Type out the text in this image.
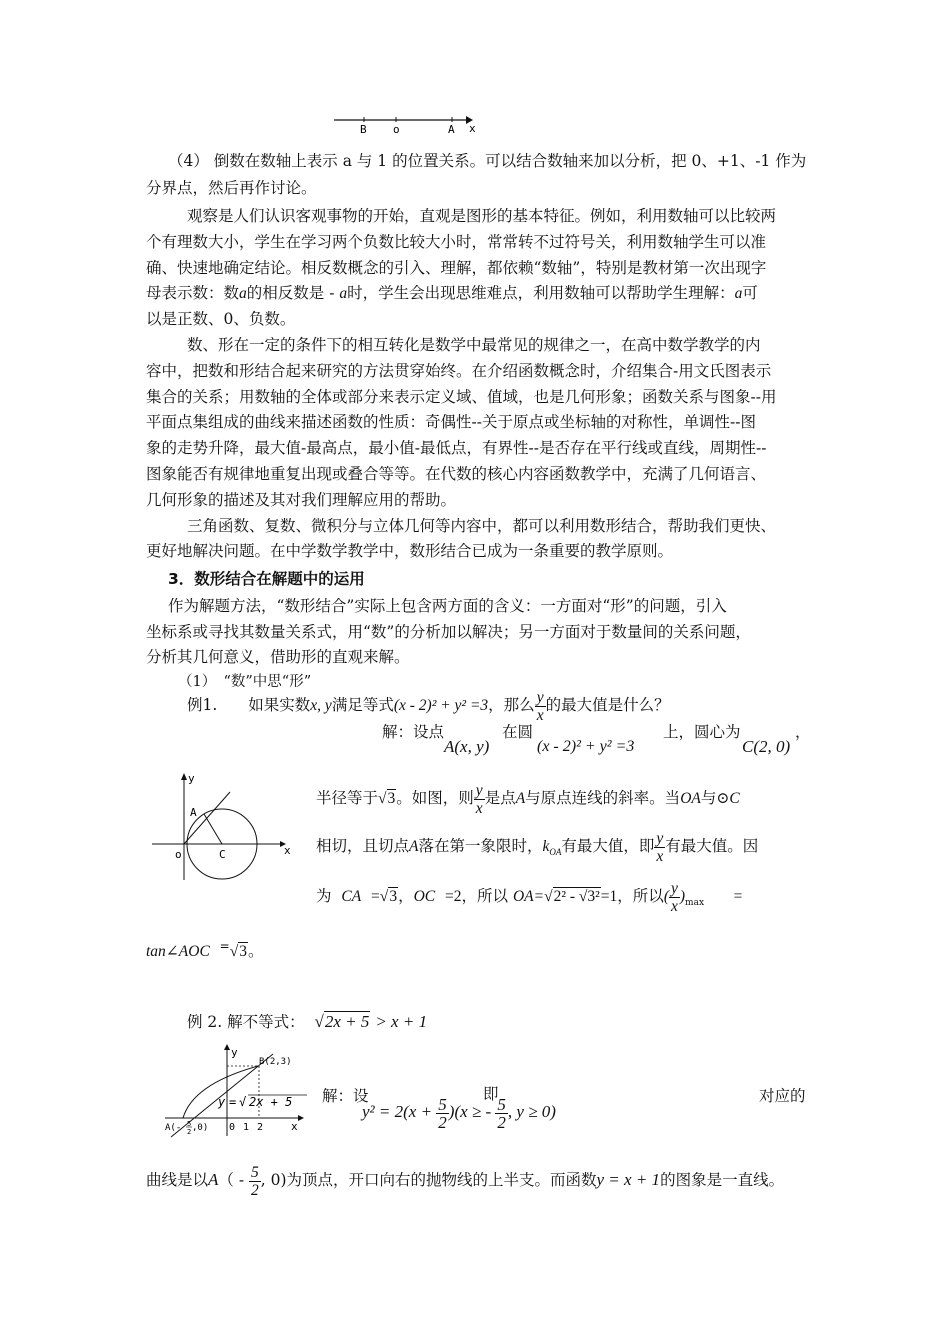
B o	A x
（4） 倒数在数轴上表示 a 与 1 的位置关系。可以结合数轴来加以分析，把 0、+1、-1 作为
分界点，然后再作讨论。
观察是人们认识客观事物的开始，直观是图形的基本特征。例如，利用数轴可以比较两
个有理数大小，学生在学习两个负数比较大小时，常常转不过符号关，利用数轴学生可以准
确、快速地确定结论。相反数概念的引入、理解，都依赖“数轴”，特别是教材第一次出现字
母表示数：数a的相反数是 - a时，学生会出现思维难点，利用数轴可以帮助学生理解：a可
以是正数、0、负数。
数、形在一定的条件下的相互转化是数学中最常见的规律之一，在高中数学教学的内
容中，把数和形结合起来研究的方法贯穿始终。在介绍函数概念时，介绍集合-用文氏图表示
集合的关系；用数轴的全体或部分来表示定义域、值域，也是几何形象；函数关系与图象--用
平面点集组成的曲线来描述函数的性质：奇偶性--关于原点或坐标轴的对称性，单调性--图
象的走势升降，最大值-最高点，最小值-最低点，有界性--是否存在平行线或直线，周期性--
图象能否有规律地重复出现或叠合等等。在代数的核心内容函数教学中，充满了几何语言、
几何形象的描述及其对我们理解应用的帮助。
三角函数、复数、微积分与立体几何等内容中，都可以利用数形结合，帮助我们更快、
更好地解决问题。在中学数学教学中，数形结合已成为一条重要的教学原则。
3．数形结合在解题中的运用
作为解题方法，“数形结合”实际上包含两方面的含义：一方面对“形”的问题，引入
坐标系或寻找其数量关系式，用“数”的分析加以解决；另一方面对于数量间的关系问题，
分析其几何意义，借助形的直观来解。
（1）　“数”中思“形”
例1.　　如果实数x, y满足等式(x - 2)² + y² =3，那么 $\frac{y}{x}$ 的最大值是什么？
解：设点
A(x, y)
在圆
(x - 2)² + y² =3
上，圆心为
C(2, 0)
，
y
A
o	C	x
半径等于√3。如图，则 $\frac{y}{x}$ 是点A与原点连线的斜率。当OA与⊙C
相切，且切点A落在第一象限时，$k_{OA}$有最大值，即 $\frac{y}{x}$ 有最大值。因
为 CA =√3，OC =2，所以 OA=√2² - √3²=1，所以( $\frac{y}{x} )_{max}$ =
tan∠AOC =√3。
例 2. 解不等式： √2x + 5 > x + 1
y
B(2,3)
y = √ 2x + 5
A(- 5
2 ,0) 0 1 2	x
解：设
$y^2 = 2(x + \frac{5}{2} )(x$ ≥ - $\frac{5}{2}$ , y ≥ 0)
即	对应的
曲线是以$A( - \frac{5}{2}$ , 0)为顶点，开口向右的抛物线的上半支。而函数y = x + 1的图象是一直线。
